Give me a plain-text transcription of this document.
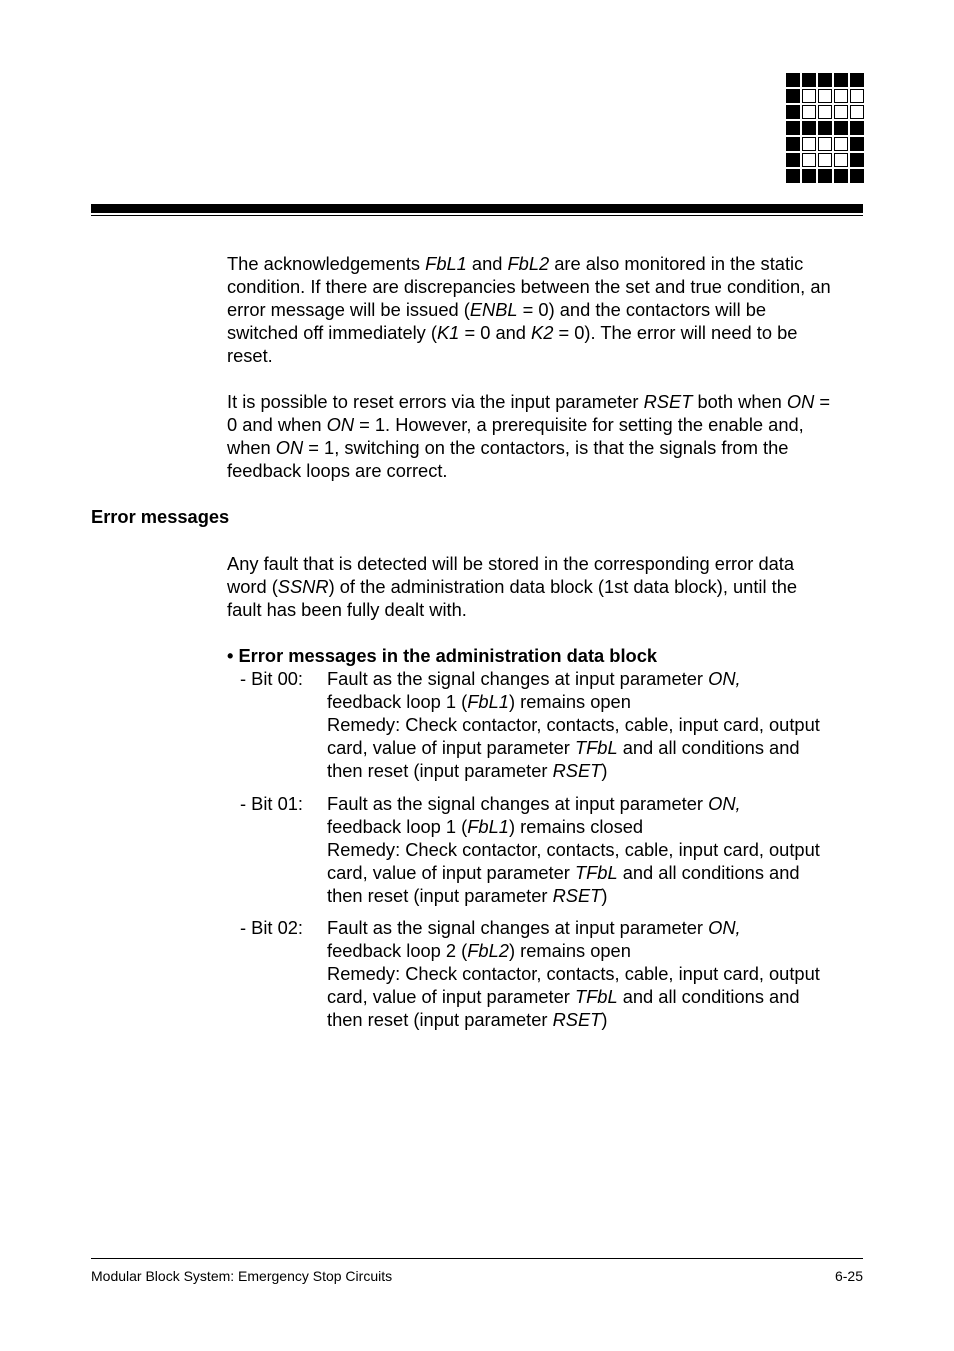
The acknowledgements FbL1 and FbL2 are also monitored in the static
condition. If there are discrepancies between the set and true condition, an
error message will be issued (ENBL = 0) and the contactors will be
switched off immediately (K1 = 0 and K2 = 0). The error will need to be
reset.
It is possible to reset errors via the input parameter RSET both when ON =
0 and when ON = 1. However, a prerequisite for setting the enable and,
when ON = 1, switching on the contactors, is that the signals from the
feedback loops are correct.
Error messages
Any fault that is detected will be stored in the corresponding error data
word (SSNR) of the administration data block (1st data block), until the
fault has been fully dealt with.
• Error messages in the administration data block
- Bit 00: Fault as the signal changes at input parameter ON,
feedback loop 1 (FbL1) remains open
Remedy: Check contactor, contacts, cable, input card, output
card, value of input parameter TFbL and all conditions and
then reset (input parameter RSET)
- Bit 01: Fault as the signal changes at input parameter ON,
feedback loop 1 (FbL1) remains closed
Remedy: Check contactor, contacts, cable, input card, output
card, value of input parameter TFbL and all conditions and
then reset (input parameter RSET)
- Bit 02: Fault as the signal changes at input parameter ON,
feedback loop 2 (FbL2) remains open
Remedy: Check contactor, contacts, cable, input card, output
card, value of input parameter TFbL and all conditions and
then reset (input parameter RSET)
Modular Block System: Emergency Stop Circuits	6-25
